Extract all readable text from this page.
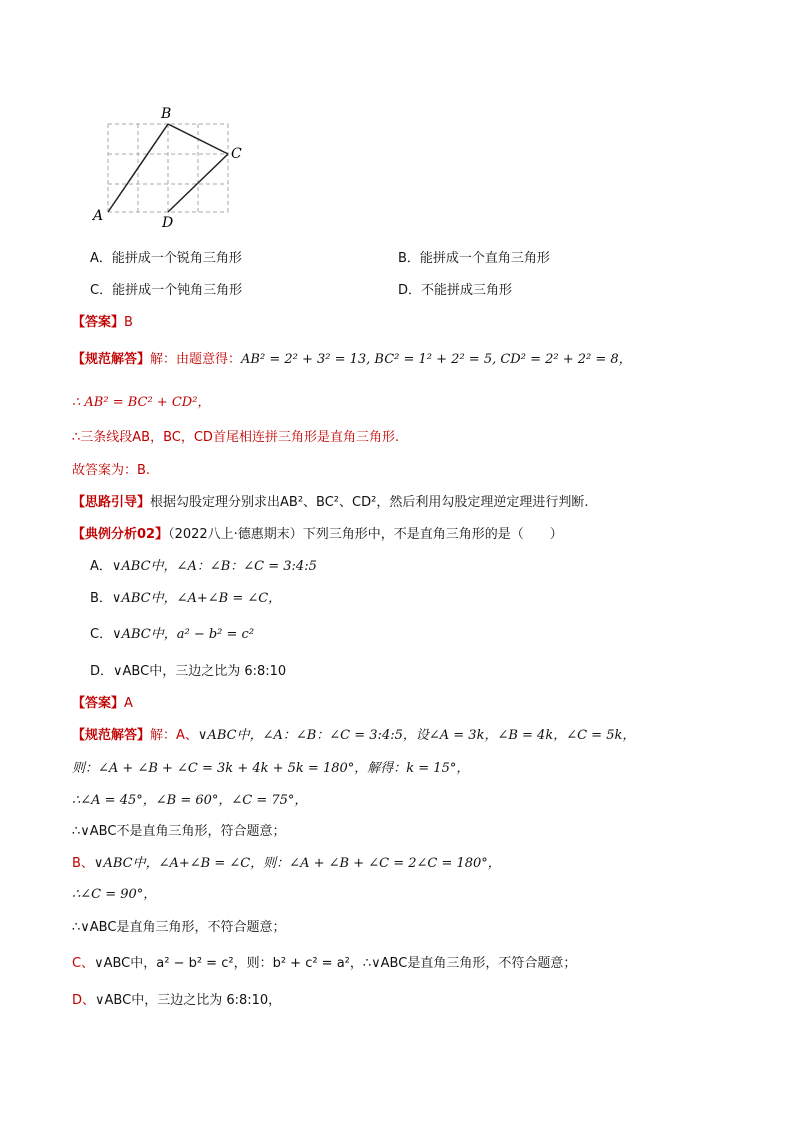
A
B
C
D
A．能拼成一个锐角三角形	B．能拼成一个直角三角形
C．能拼成一个钝角三角形	D．不能拼成三角形
【答案】B
【规范解答】解：由题意得：AB² = 2² + 3² = 13, BC² = 1² + 2² = 5, CD² = 2² + 2² = 8，
∴ AB² = BC² + CD²，
∴三条线段AB，BC，CD首尾相连拼三角形是直角三角形.
故答案为：B.
【思路引导】根据勾股定理分别求出AB²、BC²、CD²，然后利用勾股定理逆定理进行判断.
【典例分析02】（2022八上·德惠期末）下列三角形中，不是直角三角形的是（　　）
A．∨ABC中，∠A：∠B：∠C = 3:4:5
B．∨ABC中，∠A+∠B = ∠C，
C．∨ABC中，a² − b² = c²
D．∨ABC中，三边之比为 6:8:10
【答案】A
【规范解答】解：A、∨ABC中，∠A：∠B：∠C = 3:4:5，设∠A = 3k，∠B = 4k，∠C = 5k，
则：∠A + ∠B + ∠C = 3k + 4k + 5k = 180°，解得：k = 15°，
∴∠A = 45°，∠B = 60°，∠C = 75°，
∴∨ABC不是直角三角形，符合题意；
B、∨ABC中，∠A+∠B = ∠C，则：∠A + ∠B + ∠C = 2∠C = 180°，
∴∠C = 90°，
∴∨ABC是直角三角形，不符合题意；
C、∨ABC中，a² − b² = c²，则：b² + c² = a²，∴∨ABC是直角三角形，不符合题意；
D、∨ABC中，三边之比为 6:8:10，
